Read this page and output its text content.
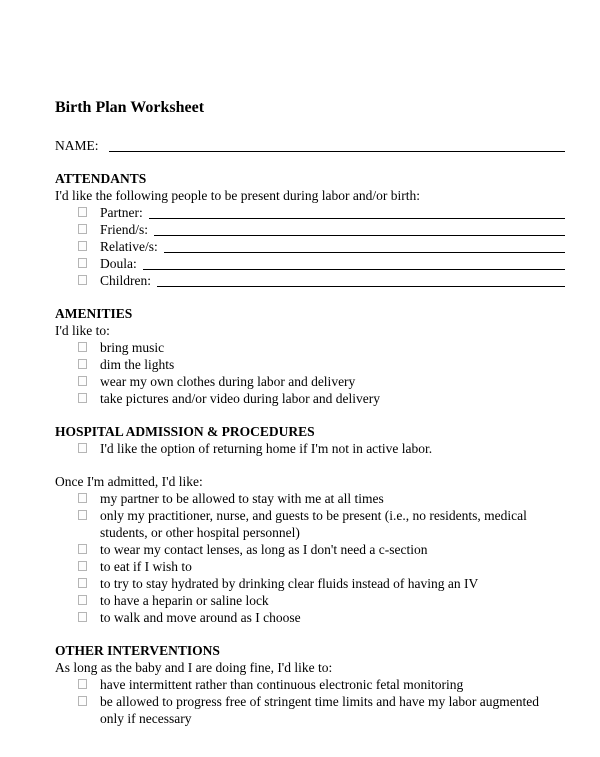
Birth Plan Worksheet
NAME:
ATTENDANTS
I'd like the following people to be present during labor and/or birth:
Partner:
Friend/s:
Relative/s:
Doula:
Children:
AMENITIES
I'd like to:
bring music
dim the lights
wear my own clothes during labor and delivery
take pictures and/or video during labor and delivery
HOSPITAL ADMISSION & PROCEDURES
I'd like the option of returning home if I'm not in active labor.
Once I'm admitted, I'd like:
my partner to be allowed to stay with me at all times
only my practitioner, nurse, and guests to be present (i.e., no residents, medical students, or other hospital personnel)
to wear my contact lenses, as long as I don't need a c-section
to eat if I wish to
to try to stay hydrated by drinking clear fluids instead of having an IV
to have a heparin or saline lock
to walk and move around as I choose
OTHER INTERVENTIONS
As long as the baby and I are doing fine, I'd like to:
have intermittent rather than continuous electronic fetal monitoring
be allowed to progress free of stringent time limits and have my labor augmented only if necessary
